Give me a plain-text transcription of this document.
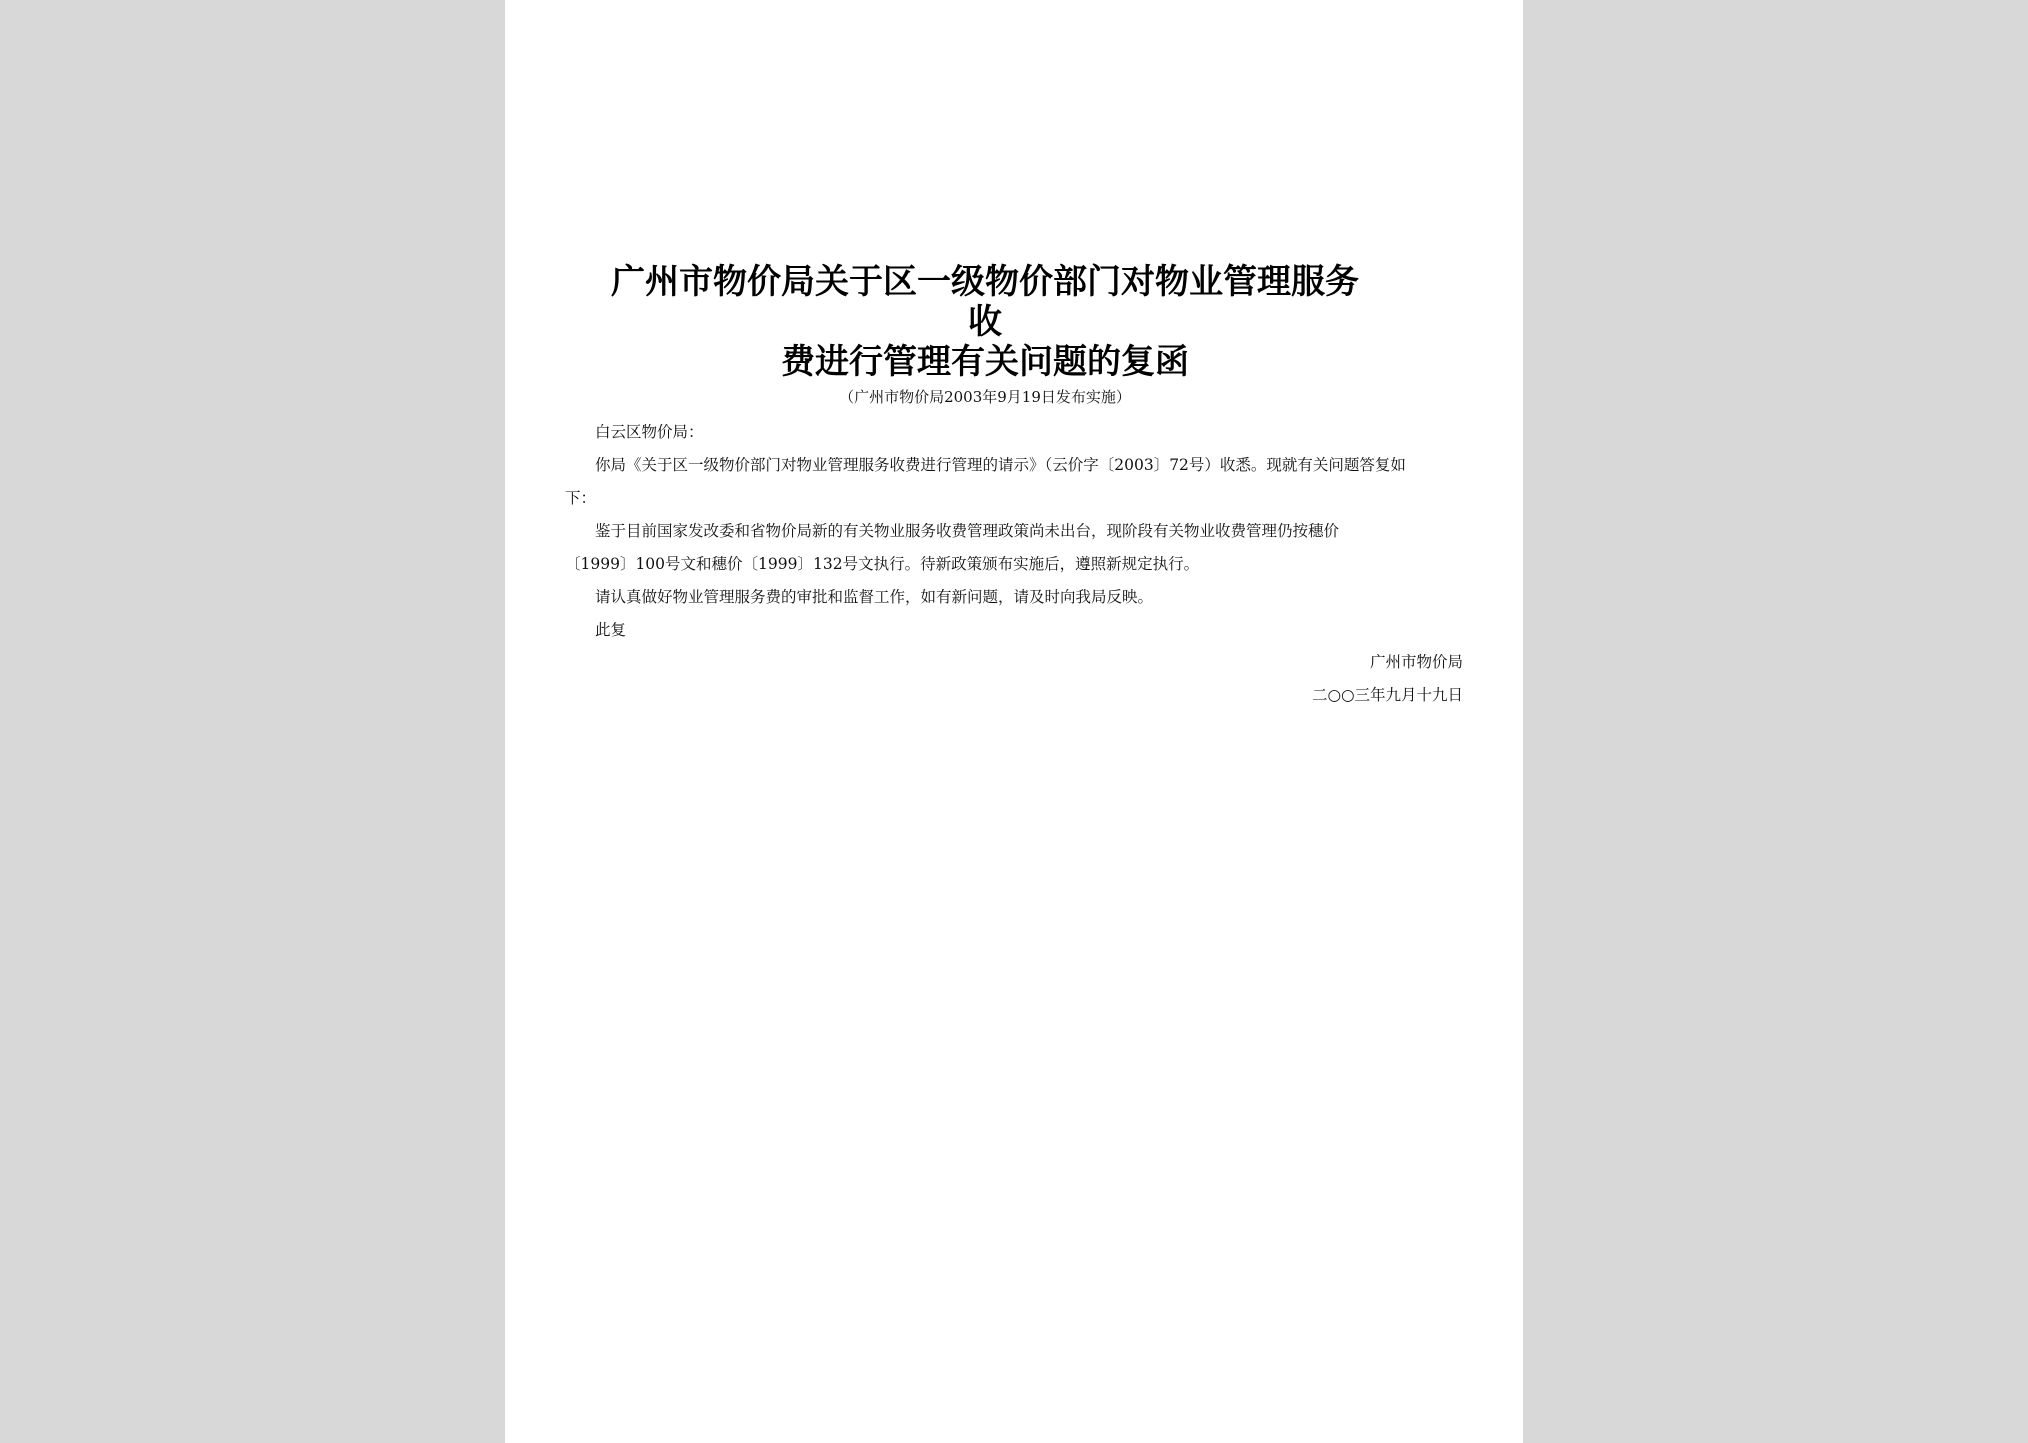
广州市物价局关于区一级物价部门对物业管理服务收
费进行管理有关问题的复函

（广州市物价局2003年9月19日发布实施）

白云区物价局：

你局《关于区一级物价部门对物业管理服务收费进行管理的请示》（云价字〔2003〕72号）收悉。现就有关问题答复如

下：

鉴于目前国家发改委和省物价局新的有关物业服务收费管理政策尚未出台，现阶段有关物业收费管理仍按穗价

〔1999〕100号文和穗价〔1999〕132号文执行。待新政策颁布实施后，遵照新规定执行。

请认真做好物业管理服务费的审批和监督工作，如有新问题，请及时向我局反映。

此复

广州市物价局

二○○三年九月十九日
